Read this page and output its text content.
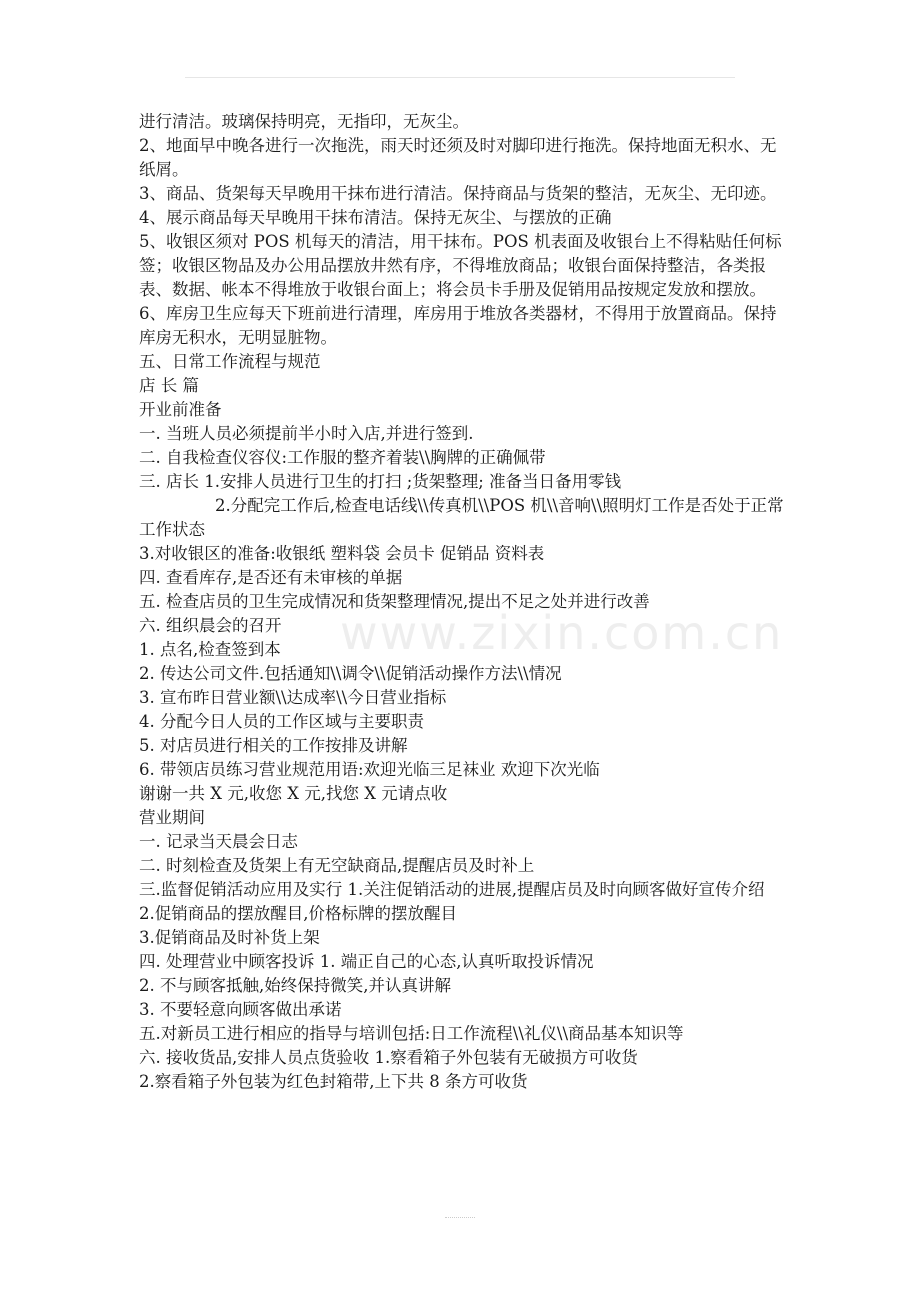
www.zixin.com.cn

进行清洁。玻璃保持明亮，无指印，无灰尘。

2、地面早中晚各进行一次拖洗，雨天时还须及时对脚印进行拖洗。保持地面无积水、无纸屑。

3、商品、货架每天早晚用干抹布进行清洁。保持商品与货架的整洁，无灰尘、无印迹。

4、展示商品每天早晚用干抹布清洁。保持无灰尘、与摆放的正确

5、收银区须对 POS 机每天的清洁，用干抹布。POS 机表面及收银台上不得粘贴任何标签；收银区物品及办公用品摆放井然有序，不得堆放商品；收银台面保持整洁，各类报表、数据、帐本不得堆放于收银台面上；将会员卡手册及促销用品按规定发放和摆放。

6、库房卫生应每天下班前进行清理，库房用于堆放各类器材，不得用于放置商品。保持库房无积水，无明显脏物。

五、日常工作流程与规范

店 长 篇

开业前准备

一. 当班人员必须提前半小时入店,并进行签到.

二. 自我检查仪容仪:工作服的整齐着装\\胸牌的正确佩带

三. 店长 1.安排人员进行卫生的打扫 ;货架整理; 准备当日备用零钱

2.分配完工作后,检查电话线\\传真机\\POS 机\\音响\\照明灯工作是否处于正常工作状态

3.对收银区的准备:收银纸 塑料袋 会员卡 促销品 资料表

四. 查看库存,是否还有未审核的单据

五. 检查店员的卫生完成情况和货架整理情况,提出不足之处并进行改善

六. 组织晨会的召开

1. 点名,检查签到本

2. 传达公司文件.包括通知\\调令\\促销活动操作方法\\情况

3. 宣布昨日营业额\\达成率\\今日营业指标

4. 分配今日人员的工作区域与主要职责

5. 对店员进行相关的工作按排及讲解

6. 带领店员练习营业规范用语:欢迎光临三足袜业 欢迎下次光临

谢谢一共 X 元,收您 X 元,找您 X 元请点收

营业期间

一. 记录当天晨会日志

二. 时刻检查及货架上有无空缺商品,提醒店员及时补上

三.监督促销活动应用及实行 1.关注促销活动的进展,提醒店员及时向顾客做好宣传介绍

2.促销商品的摆放醒目,价格标牌的摆放醒目

3.促销商品及时补货上架

四. 处理营业中顾客投诉 1. 端正自己的心态,认真听取投诉情况

2. 不与顾客抵触,始终保持微笑,并认真讲解

3. 不要轻意向顾客做出承诺

五.对新员工进行相应的指导与培训包括:日工作流程\\礼仪\\商品基本知识等

六. 接收货品,安排人员点货验收 1.察看箱子外包装有无破损方可收货

2.察看箱子外包装为红色封箱带,上下共 8 条方可收货
